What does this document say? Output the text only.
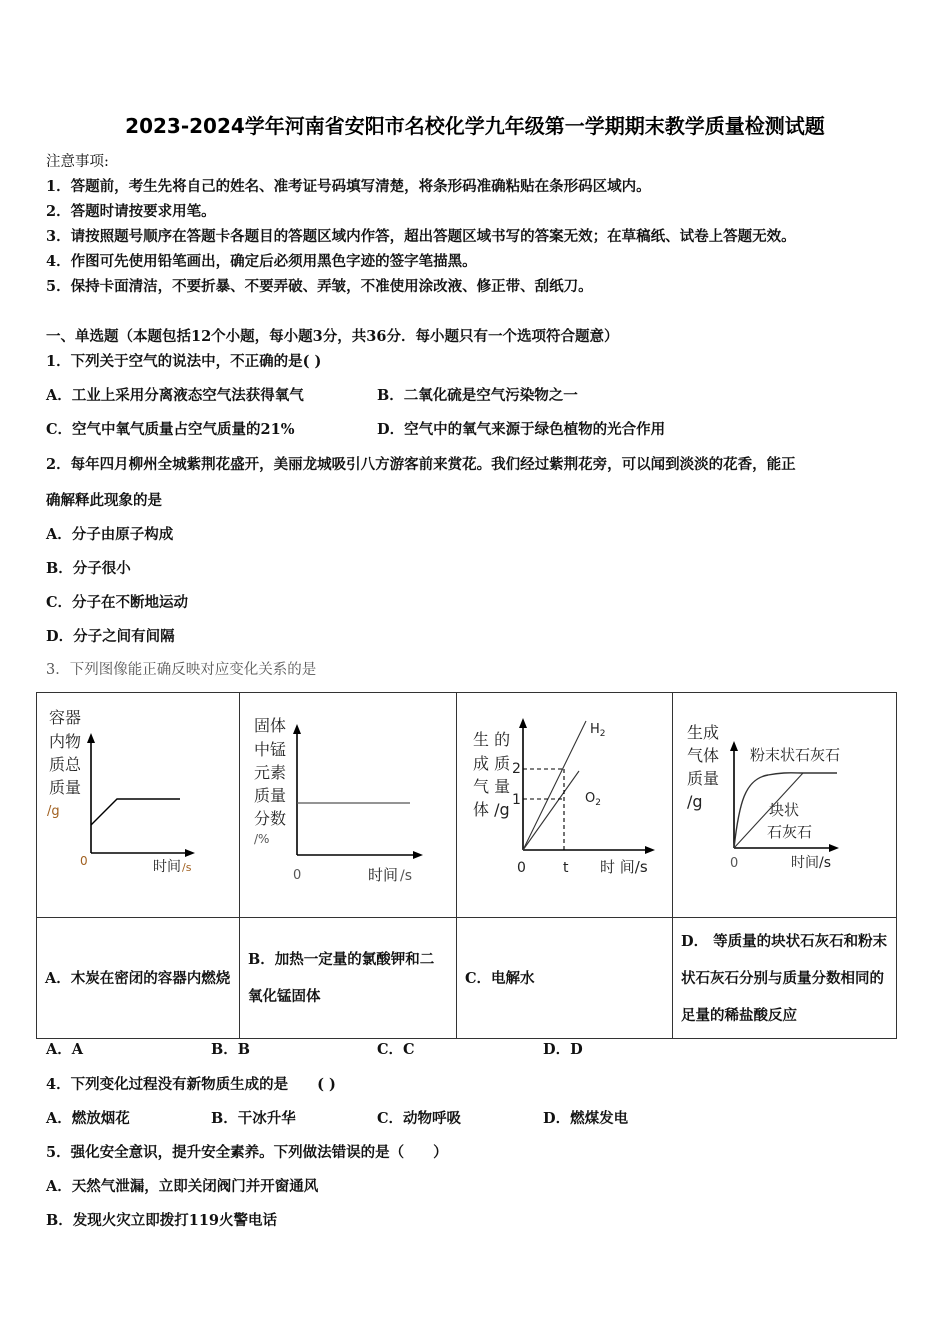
2023-2024学年河南省安阳市名校化学九年级第一学期期末教学质量检测试题
注意事项:
1．答题前，考生先将自己的姓名、准考证号码填写清楚，将条形码准确粘贴在条形码区域内。
2．答题时请按要求用笔。
3．请按照题号顺序在答题卡各题目的答题区域内作答，超出答题区域书写的答案无效；在草稿纸、试卷上答题无效。
4．作图可先使用铅笔画出，确定后必须用黑色字迹的签字笔描黑。
5．保持卡面清洁，不要折暴、不要弄破、弄皱，不准使用涂改液、修正带、刮纸刀。
一、单选题（本题包括12个小题，每小题3分，共36分．每小题只有一个选项符合题意）
1．下列关于空气的说法中，不正确的是( )
A．工业上采用分离液态空气法获得氧气	B．二氧化硫是空气污染物之一
C．空气中氧气质量占空气质量的21%	D．空气中的氧气来源于绿色植物的光合作用
2．每年四月柳州全城紫荆花盛开，美丽龙城吸引八方游客前来赏花。我们经过紫荆花旁，可以闻到淡淡的花香，能正
确解释此现象的是
A．分子由原子构成
B．分子很小
C．分子在不断地运动
D．分子之间有间隔
3．下列图像能正确反映对应变化关系的是
容器
内物
质总
质量
/g
0	时间 /s

固体
中锰
元素
质量
分数
/%
0	时间 /s

生 的
成 质
气 量
体 /g
2
1
$H_2$
$O_2$
0	t 时 间/s

生成
气体
质量
/g
粉末状石灰石
块状
石灰石
0	时间/s

A．木炭在密闭的容器内燃烧	B．加热一定量的氯酸钾和二氧化锰固体	C．电解水	D． 等质量的块状石灰石和粉末状石灰石分别与质量分数相同的足量的稀盐酸反应
A．A	B．B	C．C	D．D
4．下列变化过程没有新物质生成的是　　( )
A．燃放烟花	B．干冰升华	C．动物呼吸	D．燃煤发电
5．强化安全意识，提升安全素养。下列做法错误的是（　　）
A．天然气泄漏，立即关闭阀门并开窗通风
B．发现火灾立即拨打119火警电话
